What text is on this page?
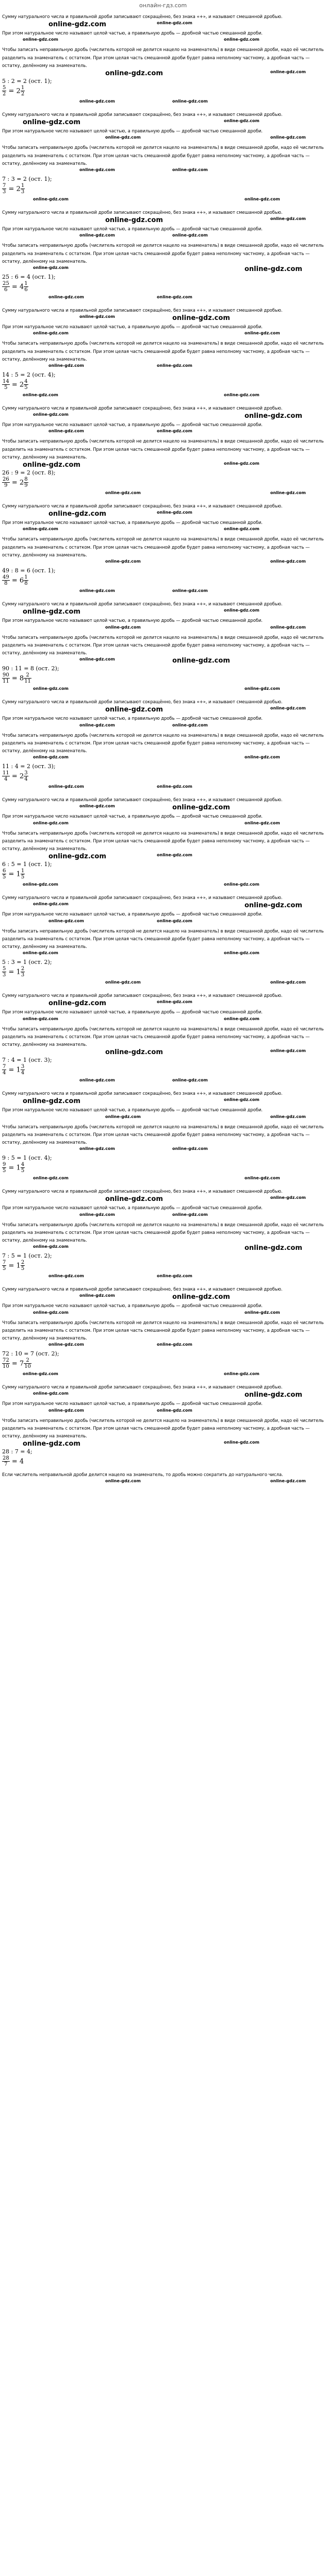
онлайн-гдз.com

Сумму натурального числа и правильной дроби записывают сокращённо, без знака «+», и называют смешанной дробью.

online-gdz.com	online-gdz.com

При этом натуральное число называют целой частью, а правильную дробь — дробной частью смешанной дроби.

online-gdz.com	online-gdz.com

Чтобы записать неправильную дробь (числитель которой не делится нацело на знаменатель) в виде смешанной дроби, надо её числитель разделить на знаменатель с остатком. При этом целая часть смешанной дроби будет равна неполному частному, а дробная часть — остатку, делённому на знаменатель.

online-gdz.com	online-gdz.com
5 : 2 = 2 (ост. 1);
$\frac{5}{2} = 2 \frac{1}{2}$
online-gdz.com
online-gdz.com

Сумму натурального числа и правильной дроби записывают сокращённо, без знака «+», и называют смешанной дробью.

online-gdz.com	online-gdz.com

При этом натуральное число называют целой частью, а правильную дробь — дробной частью смешанной дроби.

online-gdz.com	online-gdz.com

Чтобы записать неправильную дробь (числитель которой не делится нацело на знаменатель) в виде смешанной дроби, надо её числитель разделить на знаменатель с остатком. При этом целая часть смешанной дроби будет равна неполному частному, а дробная часть — остатку, делённому на знаменатель.

online-gdz.com
online-gdz.com
7 : 3 = 2 (ост. 1);
$\frac{7}{3} = 2 \frac{1}{3}$
online-gdz.com
online-gdz.com

Сумму натурального числа и правильной дроби записывают сокращённо, без знака «+», и называют смешанной дробью.

online-gdz.com	online-gdz.com

При этом натуральное число называют целой частью, а правильную дробь — дробной частью смешанной дроби.

online-gdz.com
online-gdz.com

Чтобы записать неправильную дробь (числитель которой не делится нацело на знаменатель) в виде смешанной дроби, надо её числитель разделить на знаменатель с остатком. При этом целая часть смешанной дроби будет равна неполному частному, а дробная часть — остатку, делённому на знаменатель.

online-gdz.com
online-gdz.com
25 : 6 = 4 (ост. 1);
$\frac{25}{6} = 4 \frac{1}{6}$
online-gdz.com	online-gdz.com

Сумму натурального числа и правильной дроби записывают сокращённо, без знака «+», и называют смешанной дробью.

online-gdz.com
online-gdz.com

При этом натуральное число называют целой частью, а правильную дробь — дробной частью смешанной дроби.

online-gdz.com
online-gdz.com

Чтобы записать неправильную дробь (числитель которой не делится нацело на знаменатель) в виде смешанной дроби, надо её числитель разделить на знаменатель с остатком. При этом целая часть смешанной дроби будет равна неполному частному, а дробная часть — остатку, делённому на знаменатель.

online-gdz.com	online-gdz.com
14 : 5 = 2 (ост. 4);
$\frac{14}{5} = 2 \frac{4}{5}$
online-gdz.com	online-gdz.com

Сумму натурального числа и правильной дроби записывают сокращённо, без знака «+», и называют смешанной дробью.

online-gdz.com
online-gdz.com

При этом натуральное число называют целой частью, а правильную дробь — дробной частью смешанной дроби.

online-gdz.com	online-gdz.com

Чтобы записать неправильную дробь (числитель которой не делится нацело на знаменатель) в виде смешанной дроби, надо её числитель разделить на знаменатель с остатком. При этом целая часть смешанной дроби будет равна неполному частному, а дробная часть — остатку, делённому на знаменатель.

online-gdz.com	online-gdz.com
26 : 9 = 2 (ост. 8);
$\frac{26}{9} = 2 \frac{8}{9}$
online-gdz.com	online-gdz.com

Сумму натурального числа и правильной дроби записывают сокращённо, без знака «+», и называют смешанной дробью.

online-gdz.com	online-gdz.com

При этом натуральное число называют целой частью, а правильную дробь — дробной частью смешанной дроби.

online-gdz.com	online-gdz.com

Чтобы записать неправильную дробь (числитель которой не делится нацело на знаменатель) в виде смешанной дроби, надо её числитель разделить на знаменатель с остатком. При этом целая часть смешанной дроби будет равна неполному частному, а дробная часть — остатку, делённому на знаменатель.

online-gdz.com	online-gdz.com
49 : 8 = 6 (ост. 1);
$\frac{49}{8} = 6 \frac{1}{8}$
online-gdz.com
online-gdz.com

Сумму натурального числа и правильной дроби записывают сокращённо, без знака «+», и называют смешанной дробью.

online-gdz.com	online-gdz.com

При этом натуральное число называют целой частью, а правильную дробь — дробной частью смешанной дроби.

online-gdz.com	online-gdz.com

Чтобы записать неправильную дробь (числитель которой не делится нацело на знаменатель) в виде смешанной дроби, надо её числитель разделить на знаменатель с остатком. При этом целая часть смешанной дроби будет равна неполному частному, а дробная часть — остатку, делённому на знаменатель.

online-gdz.com
online-gdz.com
90 : 11 = 8 (ост. 2);
$\frac{90}{11} = 8 \frac{2}{11}$
online-gdz.com
online-gdz.com

Сумму натурального числа и правильной дроби записывают сокращённо, без знака «+», и называют смешанной дробью.

online-gdz.com	online-gdz.com

При этом натуральное число называют целой частью, а правильную дробь — дробной частью смешанной дроби.

online-gdz.com
online-gdz.com

Чтобы записать неправильную дробь (числитель которой не делится нацело на знаменатель) в виде смешанной дроби, надо её числитель разделить на знаменатель с остатком. При этом целая часть смешанной дроби будет равна неполному частному, а дробная часть — остатку, делённому на знаменатель.

online-gdz.com
online-gdz.com
11 : 4 = 2 (ост. 3);
$\frac{11}{4} = 2 \frac{3}{4}$
online-gdz.com	online-gdz.com

Сумму натурального числа и правильной дроби записывают сокращённо, без знака «+», и называют смешанной дробью.

online-gdz.com
online-gdz.com

При этом натуральное число называют целой частью, а правильную дробь — дробной частью смешанной дроби.

online-gdz.com
online-gdz.com

Чтобы записать неправильную дробь (числитель которой не делится нацело на знаменатель) в виде смешанной дроби, надо её числитель разделить на знаменатель с остатком. При этом целая часть смешанной дроби будет равна неполному частному, а дробная часть — остатку, делённому на знаменатель.

online-gdz.com	online-gdz.com
6 : 5 = 1 (ост. 1);
$\frac{6}{5} = 1 \frac{1}{5}$
online-gdz.com	online-gdz.com

Сумму натурального числа и правильной дроби записывают сокращённо, без знака «+», и называют смешанной дробью.

online-gdz.com
online-gdz.com

При этом натуральное число называют целой частью, а правильную дробь — дробной частью смешанной дроби.

online-gdz.com	online-gdz.com

Чтобы записать неправильную дробь (числитель которой не делится нацело на знаменатель) в виде смешанной дроби, надо её числитель разделить на знаменатель с остатком. При этом целая часть смешанной дроби будет равна неполному частному, а дробная часть — остатку, делённому на знаменатель.

online-gdz.com	online-gdz.com
5 : 3 = 1 (ост. 2);
$\frac{5}{3} = 1 \frac{2}{3}$
online-gdz.com	online-gdz.com

Сумму натурального числа и правильной дроби записывают сокращённо, без знака «+», и называют смешанной дробью.

online-gdz.com	online-gdz.com

При этом натуральное число называют целой частью, а правильную дробь — дробной частью смешанной дроби.

online-gdz.com	online-gdz.com

Чтобы записать неправильную дробь (числитель которой не делится нацело на знаменатель) в виде смешанной дроби, надо её числитель разделить на знаменатель с остатком. При этом целая часть смешанной дроби будет равна неполному частному, а дробная часть — остатку, делённому на знаменатель.

online-gdz.com	online-gdz.com
7 : 4 = 1 (ост. 3);
$\frac{7}{4} = 1 \frac{3}{4}$
online-gdz.com
online-gdz.com

Сумму натурального числа и правильной дроби записывают сокращённо, без знака «+», и называют смешанной дробью.

online-gdz.com	online-gdz.com

При этом натуральное число называют целой частью, а правильную дробь — дробной частью смешанной дроби.

online-gdz.com	online-gdz.com

Чтобы записать неправильную дробь (числитель которой не делится нацело на знаменатель) в виде смешанной дроби, надо её числитель разделить на знаменатель с остатком. При этом целая часть смешанной дроби будет равна неполному частному, а дробная часть — остатку, делённому на знаменатель.

online-gdz.com
online-gdz.com
9 : 5 = 1 (ост. 4);
$\frac{9}{5} = 1 \frac{4}{5}$
online-gdz.com
online-gdz.com

Сумму натурального числа и правильной дроби записывают сокращённо, без знака «+», и называют смешанной дробью.

online-gdz.com	online-gdz.com

При этом натуральное число называют целой частью, а правильную дробь — дробной частью смешанной дроби.

online-gdz.com
online-gdz.com

Чтобы записать неправильную дробь (числитель которой не делится нацело на знаменатель) в виде смешанной дроби, надо её числитель разделить на знаменатель с остатком. При этом целая часть смешанной дроби будет равна неполному частному, а дробная часть — остатку, делённому на знаменатель.

online-gdz.com
online-gdz.com
7 : 5 = 1 (ост. 2);
$\frac{7}{5} = 1 \frac{2}{5}$
online-gdz.com	online-gdz.com

Сумму натурального числа и правильной дроби записывают сокращённо, без знака «+», и называют смешанной дробью.

online-gdz.com
online-gdz.com

При этом натуральное число называют целой частью, а правильную дробь — дробной частью смешанной дроби.

online-gdz.com
online-gdz.com

Чтобы записать неправильную дробь (числитель которой не делится нацело на знаменатель) в виде смешанной дроби, надо её числитель разделить на знаменатель с остатком. При этом целая часть смешанной дроби будет равна неполному частному, а дробная часть — остатку, делённому на знаменатель.

online-gdz.com	online-gdz.com
72 : 10 = 7 (ост. 2);
$\frac{72}{10} = 7 \frac{2}{10}$
online-gdz.com	online-gdz.com

Сумму натурального числа и правильной дроби записывают сокращённо, без знака «+», и называют смешанной дробью.

online-gdz.com
online-gdz.com

При этом натуральное число называют целой частью, а правильную дробь — дробной частью смешанной дроби.

online-gdz.com	online-gdz.com

Чтобы записать неправильную дробь (числитель которой не делится нацело на знаменатель) в виде смешанной дроби, надо её числитель разделить на знаменатель с остатком. При этом целая часть смешанной дроби будет равна неполному частному, а дробная часть — остатку, делённому на знаменатель.

online-gdz.com	online-gdz.com
28 : 7 = 4;
$\frac{28}{7} = 4$

Если числитель неправильной дроби делится нацело на знаменатель, то дробь можно сократить до натурального числа.

online-gdz.com	online-gdz.com
